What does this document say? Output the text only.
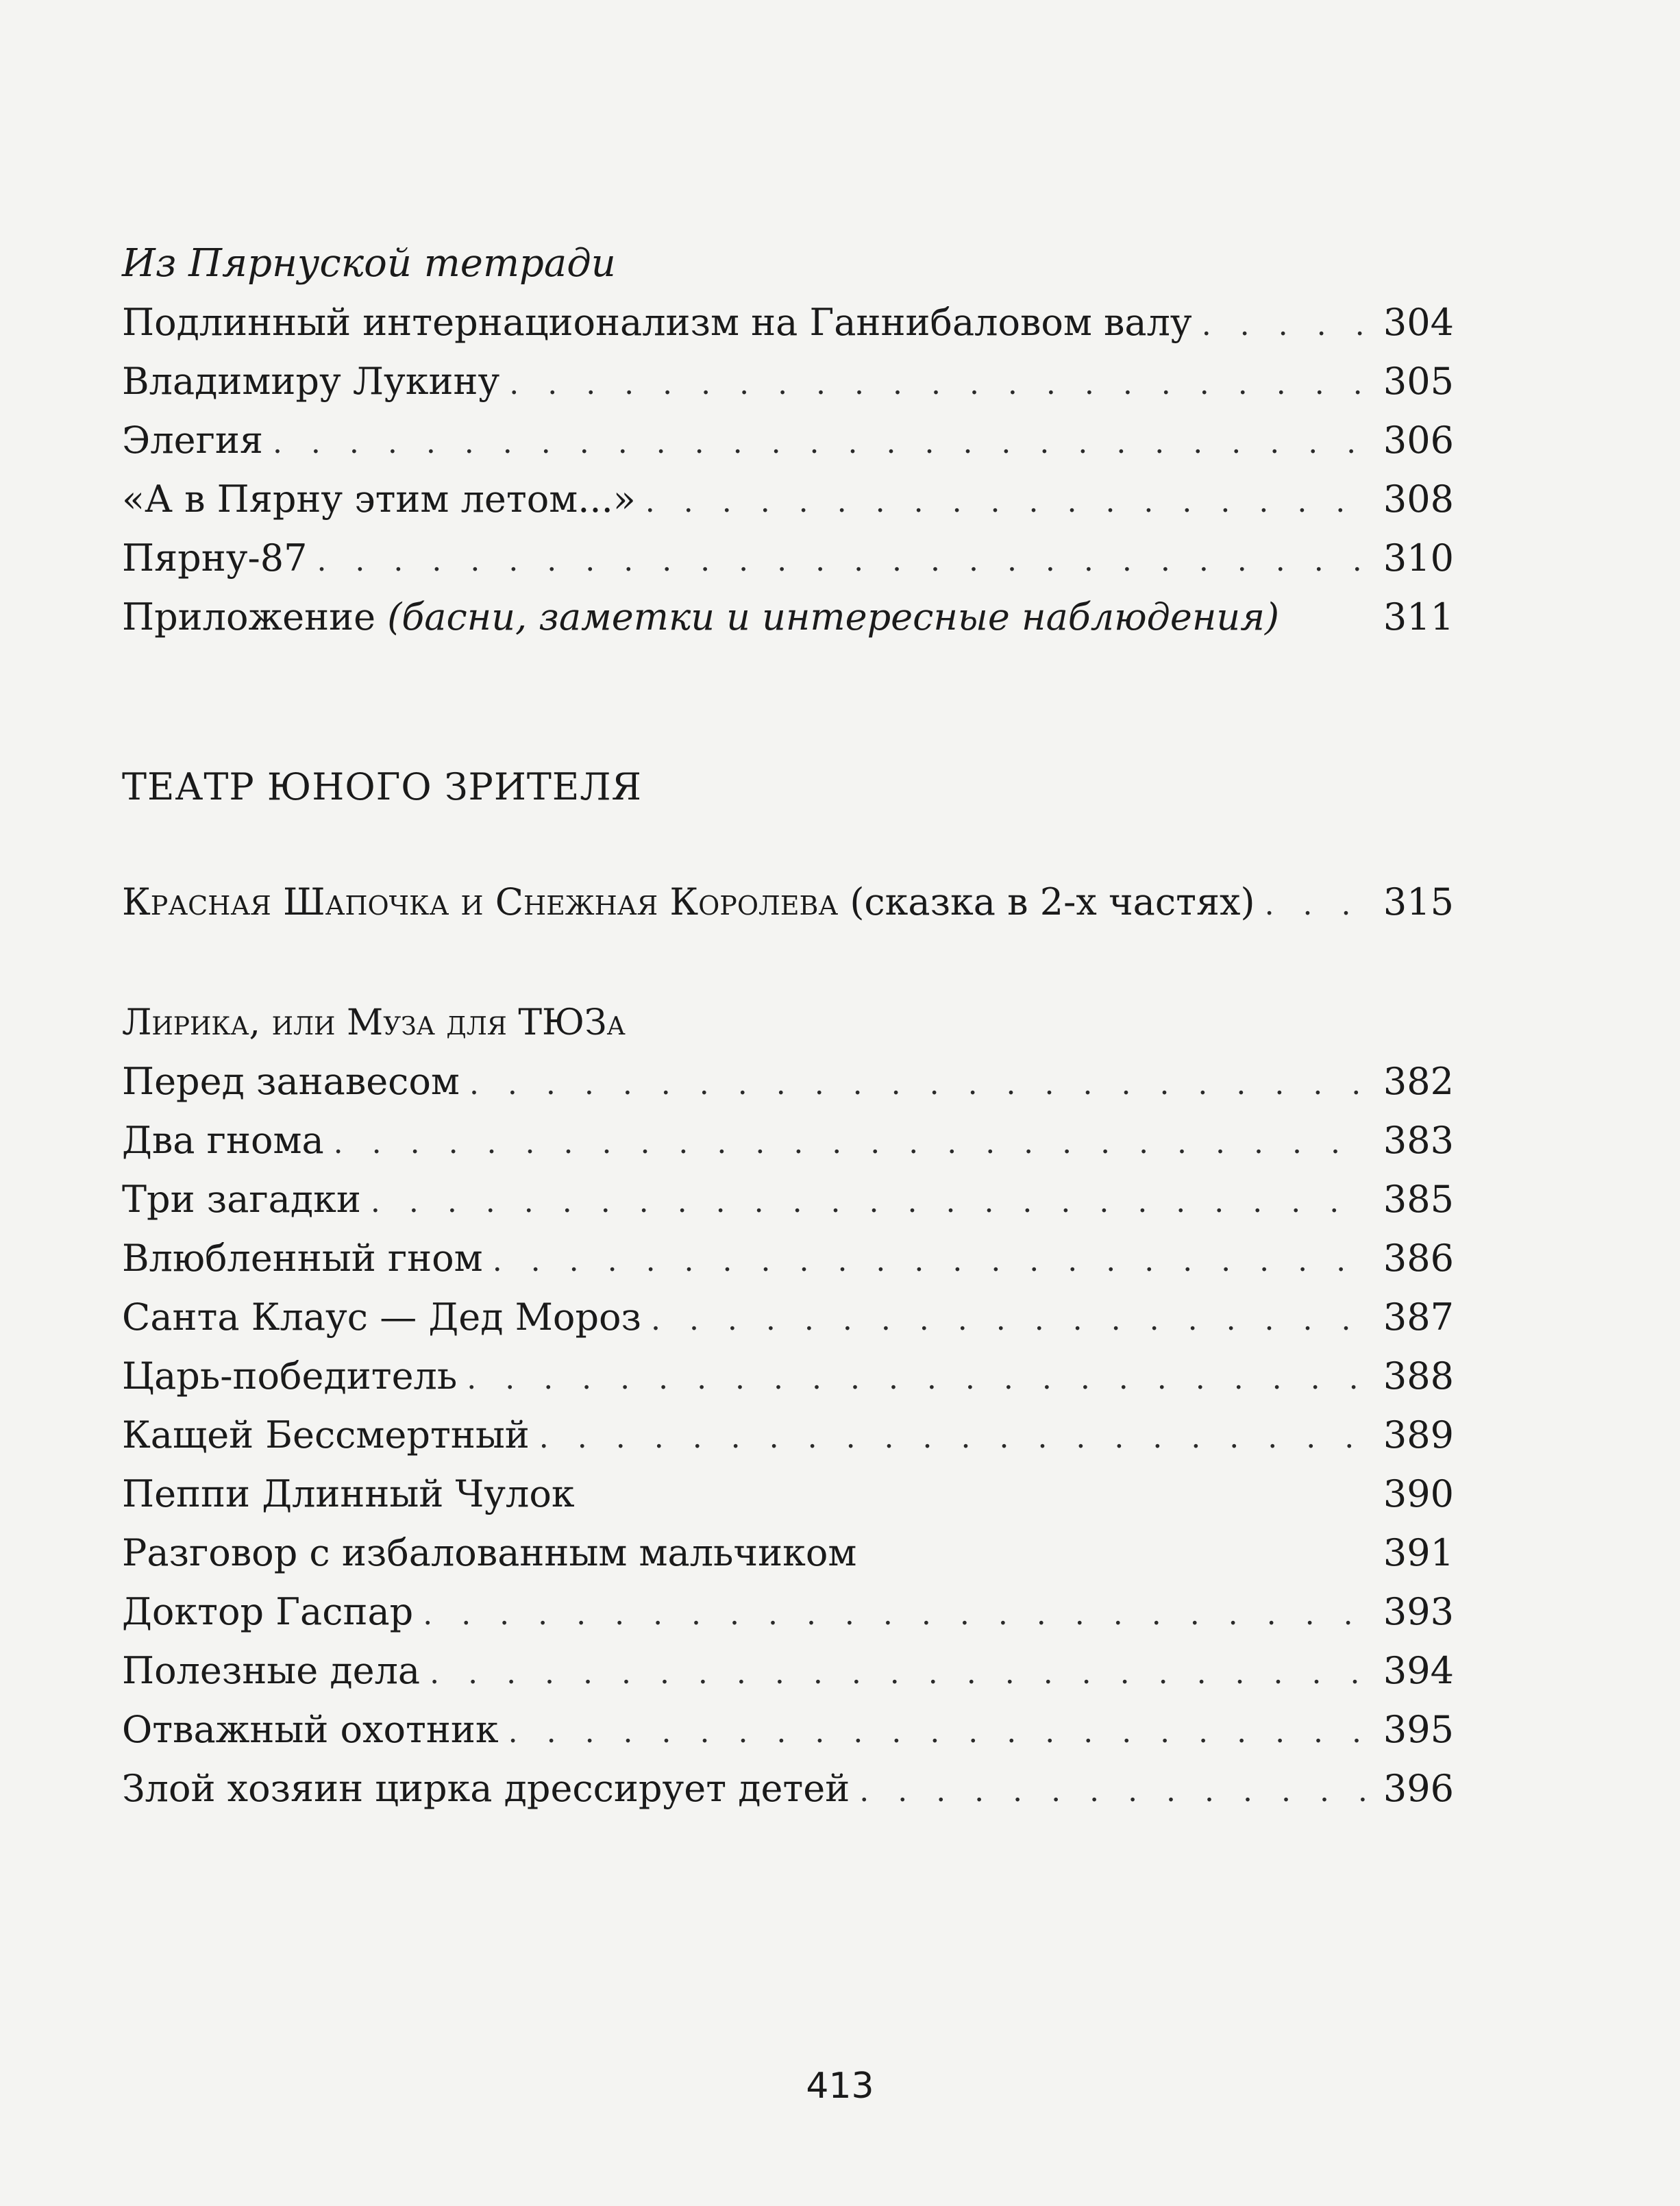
Из Пярнуской тетради
Подлинный интернационализм на Ганнибаловом валу . . .	304
Владимиру Лукину . . .	305
Элегия . . .	306
«А в Пярну этим летом...» . . .	308
Пярну-87 . . .	310
Приложение (басни, заметки и интересные наблюдения)	311
ТЕАТР ЮНОГО ЗРИТЕЛЯ
Красная Шапочка и Снежная Королева (сказка в 2-х частях) . . .	315
Лирика, или Муза для ТЮЗа
Перед занавесом . . .	382
Два гнома . . .	383
Три загадки . . .	385
Влюбленный гном . . .	386
Санта Клаус — Дед Мороз . . .	387
Царь-победитель . . .	388
Кащей Бессмертный . . .	389
Пеппи Длинный Чулок	390
Разговор с избалованным мальчиком	391
Доктор Гаспар . . .	393
Полезные дела . . .	394
Отважный охотник . . .	395
Злой хозяин цирка дрессирует детей . . .	396
413
